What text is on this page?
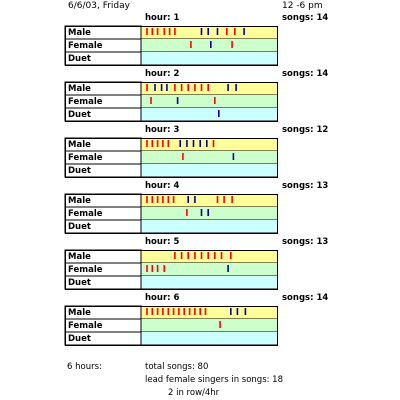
6/6/03, Friday	12 -6 pm
hour: 1	songs: 14
Male
Female
Duet
hour: 2	songs: 14
Male
Female
Duet
hour: 3	songs: 12
Male
Female
Duet
hour: 4	songs: 13
Male
Female
Duet
hour: 5	songs: 13
Male
Female
Duet
hour: 6	songs: 14
Male
Female
Duet
6 hours:	total songs: 80
lead female singers in songs: 18
2 in row/4hr
